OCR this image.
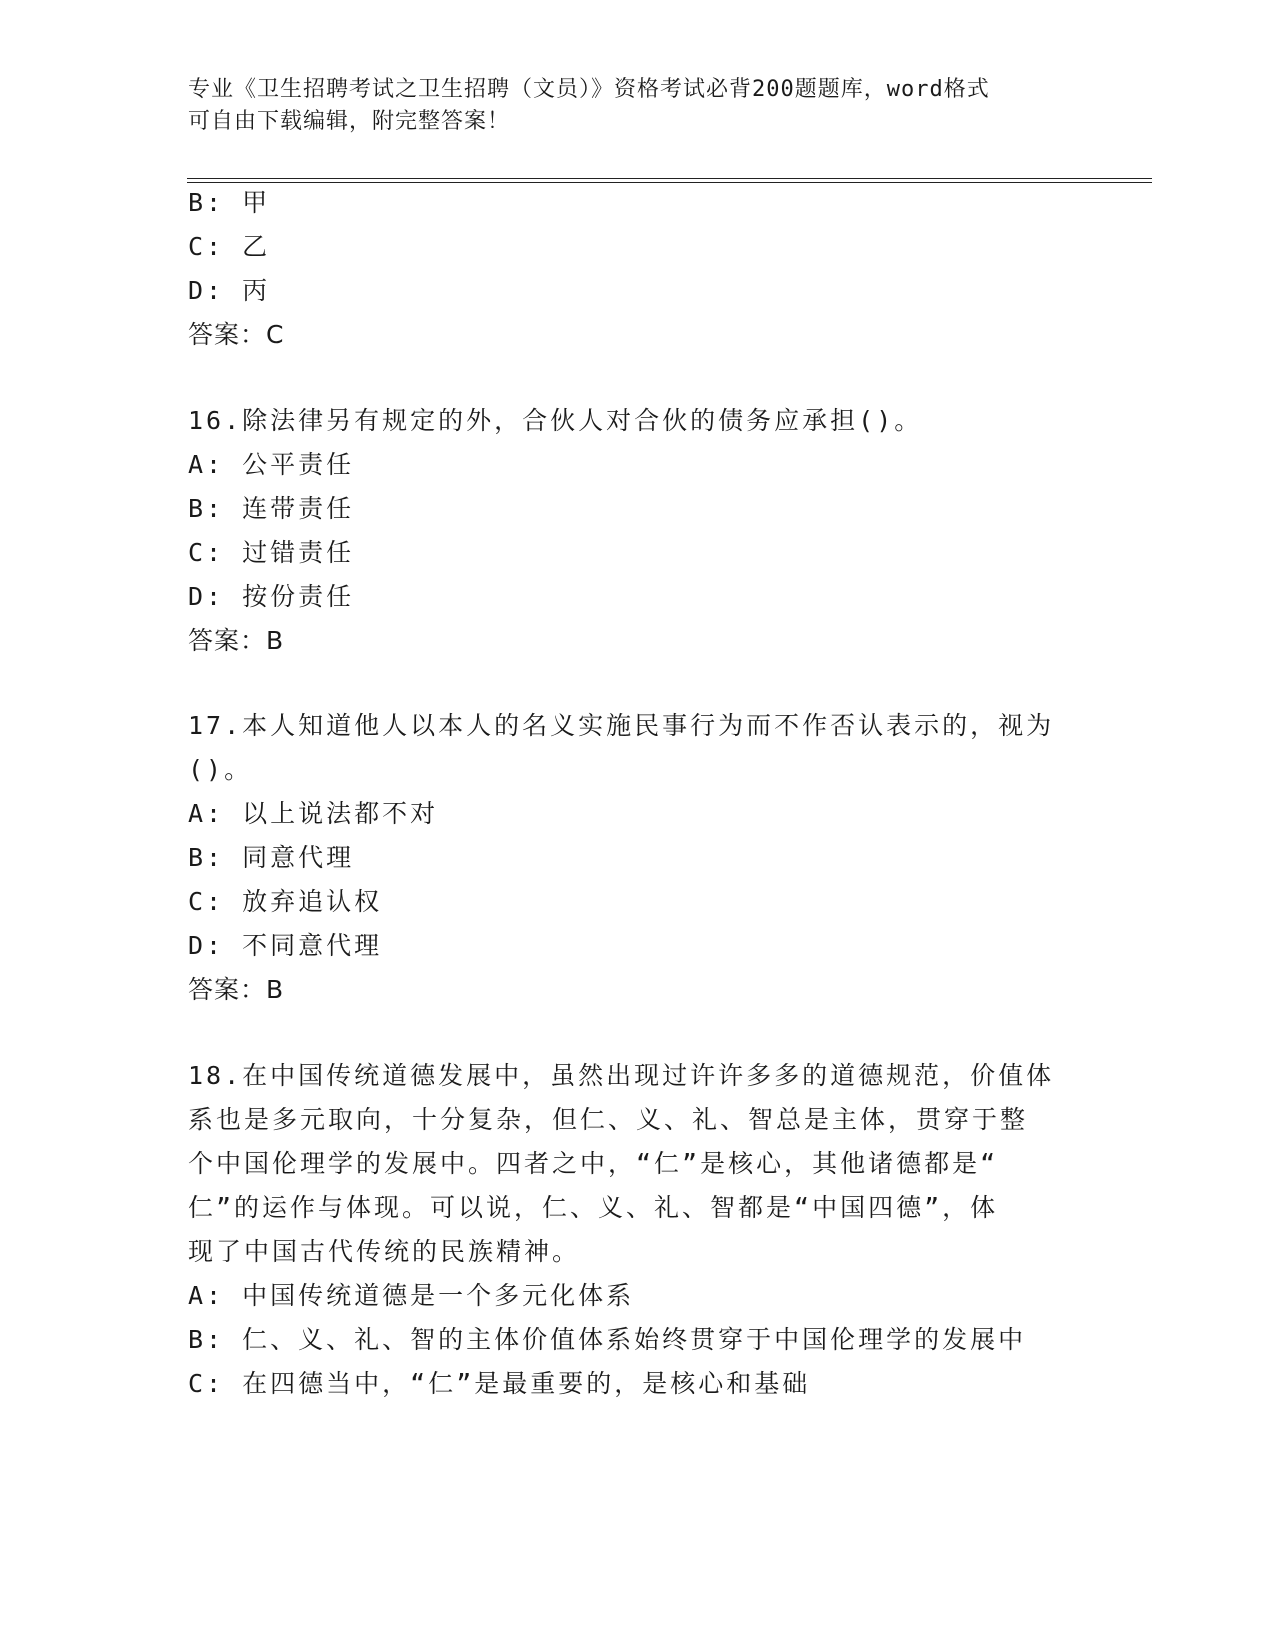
专业《卫生招聘考试之卫生招聘（文员）》资格考试必背200题题库，word格式
可自由下载编辑，附完整答案！
B: 甲
C: 乙
D: 丙
答案：C
16.除法律另有规定的外，合伙人对合伙的债务应承担()。
A: 公平责任
B: 连带责任
C: 过错责任
D: 按份责任
答案：B
17.本人知道他人以本人的名义实施民事行为而不作否认表示的，视为
()。
A: 以上说法都不对
B: 同意代理
C: 放弃追认权
D: 不同意代理
答案：B
18.在中国传统道德发展中，虽然出现过许许多多的道德规范，价值体
系也是多元取向，十分复杂，但仁、义、礼、智总是主体，贯穿于整
个中国伦理学的发展中。四者之中，“仁”是核心，其他诸德都是“
仁”的运作与体现。可以说，仁、义、礼、智都是“中国四德”，体
现了中国古代传统的民族精神。
A: 中国传统道德是一个多元化体系
B: 仁、义、礼、智的主体价值体系始终贯穿于中国伦理学的发展中
C: 在四德当中，“仁”是最重要的，是核心和基础
